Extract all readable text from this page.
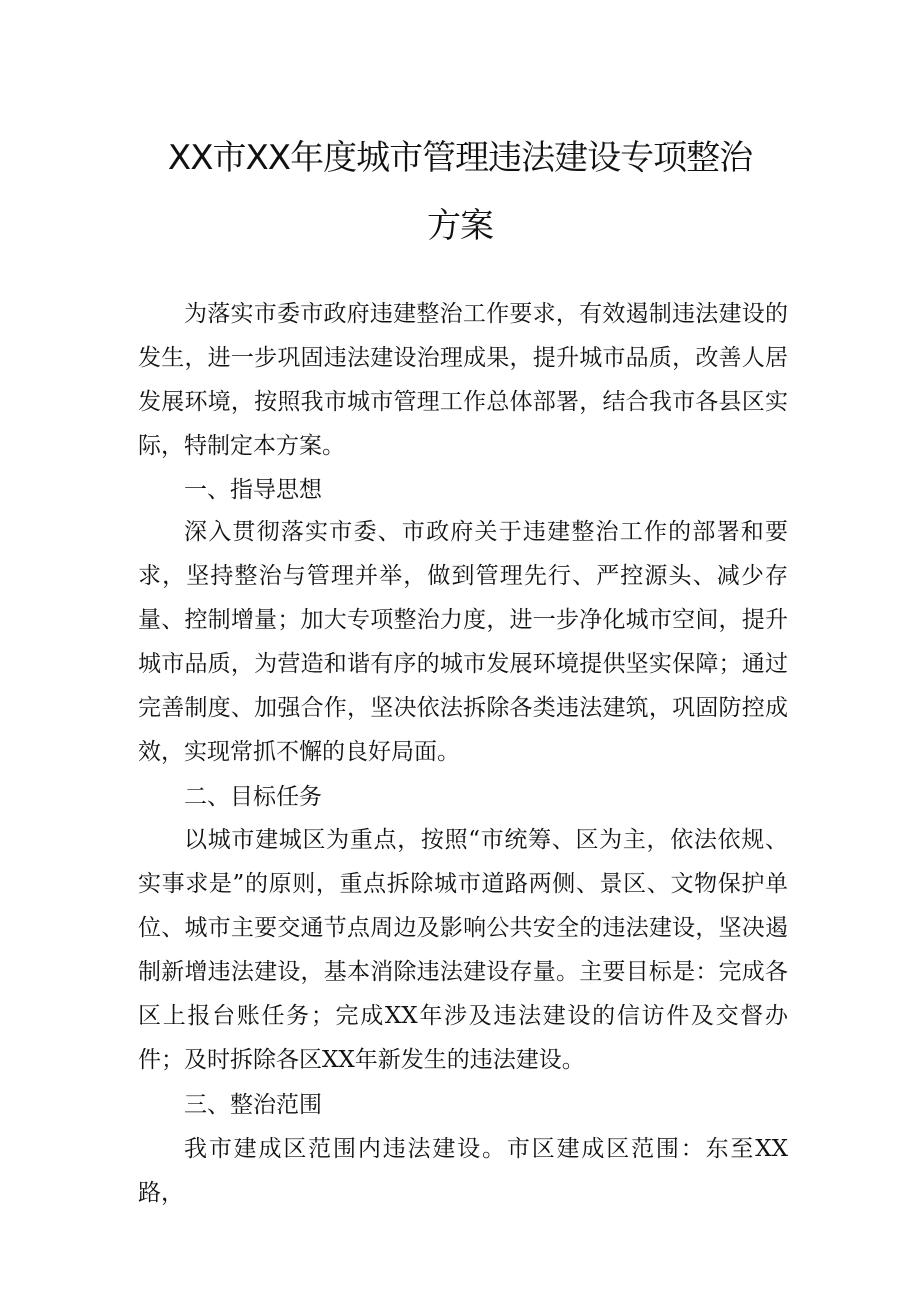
XX市XX年度城市管理违法建设专项整治
方案

为落实市委市政府违建整治工作要求，有效遏制违法建设的发生，进一步巩固违法建设治理成果，提升城市品质，改善人居发展环境，按照我市城市管理工作总体部署，结合我市各县区实际，特制定本方案。

一、指导思想

深入贯彻落实市委、市政府关于违建整治工作的部署和要求，坚持整治与管理并举，做到管理先行、严控源头、减少存量、控制增量；加大专项整治力度，进一步净化城市空间，提升城市品质，为营造和谐有序的城市发展环境提供坚实保障；通过完善制度、加强合作，坚决依法拆除各类违法建筑，巩固防控成效，实现常抓不懈的良好局面。

二、目标任务

以城市建城区为重点，按照“市统筹、区为主，依法依规、实事求是”的原则，重点拆除城市道路两侧、景区、文物保护单位、城市主要交通节点周边及影响公共安全的违法建设，坚决遏制新增违法建设，基本消除违法建设存量。主要目标是：完成各区上报台账任务；完成XX年涉及违法建设的信访件及交督办件；及时拆除各区XX年新发生的违法建设。

三、整治范围

我市建成区范围内违法建设。市区建成区范围：东至XX路，
